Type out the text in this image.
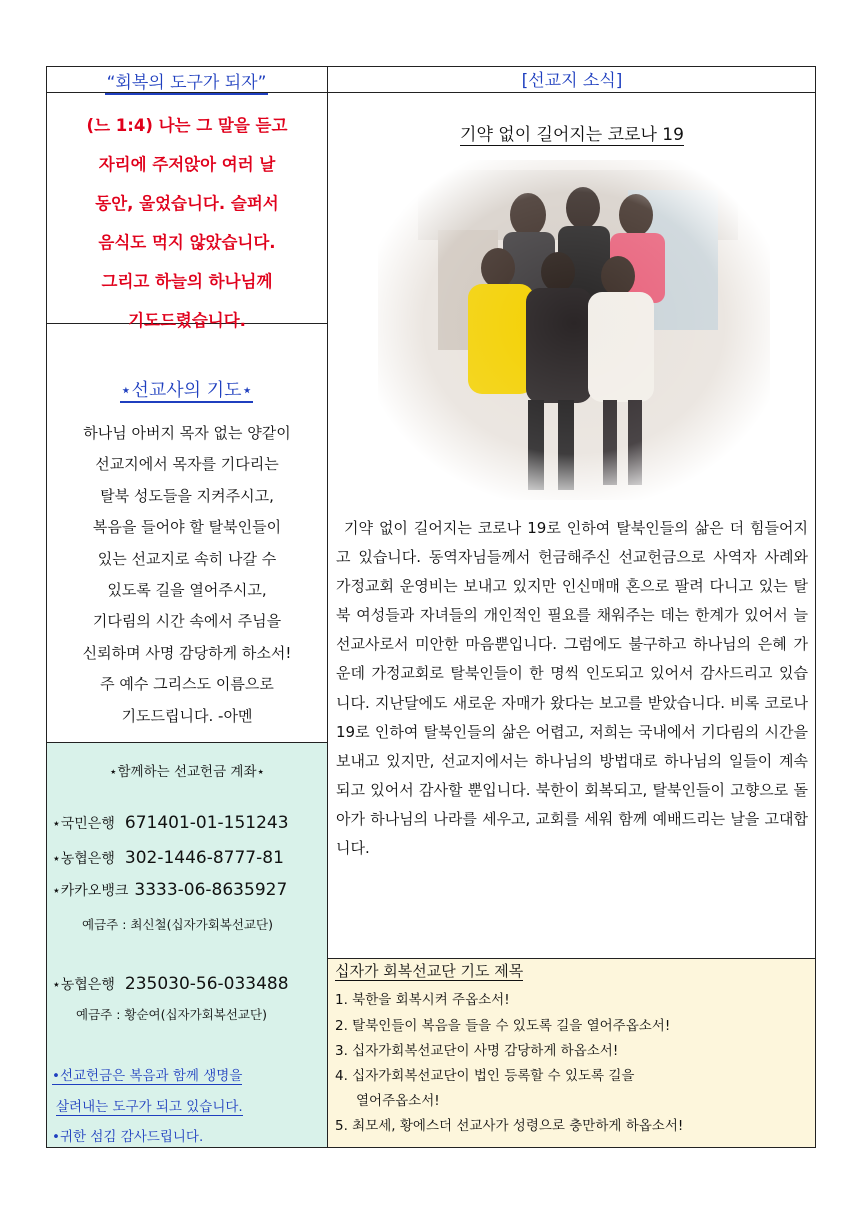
“회복의 도구가 되자”
(느 1:4) 나는 그 말을 듣고
자리에 주저앉아 여러 날
동안, 울었습니다. 슬퍼서
음식도 먹지 않았습니다.
그리고 하늘의 하나님께
기도드렸습니다.
⋆선교사의 기도⋆
하나님 아버지 목자 없는 양같이
선교지에서 목자를 기다리는
탈북 성도들을 지켜주시고,
복음을 들어야 할 탈북인들이
있는 선교지로 속히 나갈 수
있도록 길을 열어주시고,
기다림의 시간 속에서 주님을
신뢰하며 사명 감당하게 하소서!
주 예수 그리스도 이름으로
기도드립니다. -아멘
⋆함께하는 선교헌금 계좌⋆
⋆국민은행 671401-01-151243
⋆농협은행 302-1446-8777-81
⋆카카오뱅크 3333-06-8635927
예금주 : 최신철(십자가회복선교단)
⋆농협은행 235030-56-033488
예금주 : 황순여(십자가회복선교단)
•선교헌금은 복음과 함께 생명을
살려내는 도구가 되고 있습니다.
•귀한 섬김 감사드립니다.
[선교지 소식]
기약 없이 길어지는 코로나 19

기약 없이 길어지는 코로나 19로 인하여 탈북인들의 삶은 더 힘들어지고 있습니다. 동역자님들께서 헌금해주신 선교헌금으로 사역자 사례와 가정교회 운영비는 보내고 있지만 인신매매 혼으로 팔려 다니고 있는 탈북 여성들과 자녀들의 개인적인 필요를 채워주는 데는 한계가 있어서 늘 선교사로서 미안한 마음뿐입니다. 그럼에도 불구하고 하나님의 은혜 가운데 가정교회로 탈북인들이 한 명씩 인도되고 있어서 감사드리고 있습니다. 지난달에도 새로운 자매가 왔다는 보고를 받았습니다. 비록 코로나 19로 인하여 탈북인들의 삶은 어렵고, 저희는 국내에서 기다림의 시간을 보내고 있지만, 선교지에서는 하나님의 방법대로 하나님의 일들이 계속되고 있어서 감사할 뿐입니다. 북한이 회복되고, 탈북인들이 고향으로 돌아가 하나님의 나라를 세우고, 교회를 세워 함께 예배드리는 날을 고대합니다.

십자가 회복선교단 기도 제목
1. 북한을 회복시켜 주옵소서!
2. 탈북인들이 복음을 들을 수 있도록 길을 열어주옵소서!
3. 십자가회복선교단이 사명 감당하게 하옵소서!
4. 십자가회복선교단이 법인 등록할 수 있도록 길을
열어주옵소서!
5. 최모세, 황에스더 선교사가 성령으로 충만하게 하옵소서!
